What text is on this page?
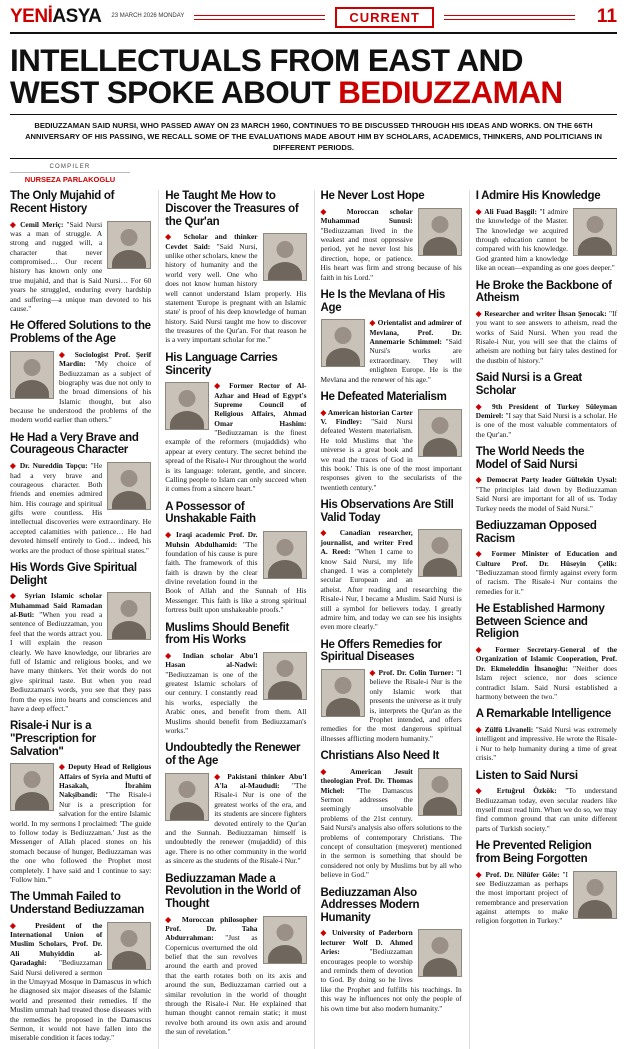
YENİASYA 23 MARCH 2026 MONDAY	CURRENT	11
INTELLECTUALS FROM EAST AND
WEST SPOKE ABOUT BEDIUZZAMAN
BEDIUZZAMAN SAID NURSI, WHO PASSED AWAY ON 23 MARCH 1960, CONTINUES TO BE DISCUSSED THROUGH HIS IDEAS AND WORKS. ON THE 66TH ANNIVERSARY OF HIS PASSING, WE RECALL SOME OF THE EVALUATIONS MADE ABOUT HIM BY SCHOLARS, ACADEMICS, THINKERS, AND POLITICIANS IN DIFFERENT PERIODS.
COMPILER
NURSEZA PARLAKOGLU
The Only Mujahid of Recent History
◆ Cemil Meriç: "Said Nursi was a man of struggle. A strong and rugged will, a character that never compromised… Our recent history has known only one true mujahid, and that is Said Nursi… For 60 years he struggled, enduring every hardship and suffering—a unique man devoted to his cause."
He Offered Solutions to the Problems of the Age
◆ Sociologist Prof. Şerif Mardin: "My choice of Bediuzzaman as a subject of biography was due not only to the broad dimensions of his Islamic thought, but also because he understood the problems of the modern world earlier than others."
He Had a Very Brave and Courageous Character
◆ Dr. Nureddin Topçu: "He had a very brave and courageous character. Both friends and enemies admired him. His courage and spiritual gifts were countless. His intellectual discoveries were extraordinary. He accepted calamities with patience… He had devoted himself entirely to God… indeed, his works are the product of those spiritual states."
His Words Give Spiritual Delight
◆ Syrian Islamic scholar Muhammad Said Ramadan al-Buti: "When you read a sentence of Bediuzzaman, you feel that the words attract you. I will explain the reason clearly. We have knowledge, our libraries are full of Islamic and religious books, and we have many thinkers. Yet their words do not give spiritual taste. But when you read Bediuzzaman's words, you see that they pass from the eyes into hearts and consciences and have a deep effect."
Risale-i Nur is a "Prescription for Salvation"
◆ Deputy Head of Religious Affairs of Syria and Mufti of Hasakah, İbrahim Nakşibandi: "The Risale-i Nur is a prescription for salvation for the entire Islamic world. In my sermons I proclaimed: 'The guide to follow today is Bediuzzaman.' Just as the Messenger of Allah placed stones on his stomach because of hunger, Bediuzzaman was the one who followed the Prophet most completely. I have said and I continue to say: 'Follow him.'"
The Ummah Failed to Understand Bediuzzaman
◆ President of the International Union of Muslim Scholars, Prof. Dr. Ali Muhyiddin al-Qaradaghi: "Bediuzzaman Said Nursi delivered a sermon in the Umayyad Mosque in Damascus in which he diagnosed six major diseases of the Islamic world and presented their remedies. If the Muslim ummah had treated those diseases with the remedies he proposed in the Damascus Sermon, it would not have fallen into the miserable condition it faces today."
He Taught Me How to Discover the Treasures of the Qur'an
◆ Scholar and thinker Cevdet Said: "Said Nursi, unlike other scholars, knew the history of humanity and the world very well. One who does not know human history well cannot understand Islam properly. His statement 'Europe is pregnant with an Islamic state' is proof of his deep knowledge of human history. Said Nursi taught me how to discover the treasures of the Qur'an. For that reason he is a very important scholar for me."
His Language Carries Sincerity
◆ Former Rector of Al-Azhar and Head of Egypt's Supreme Council of Religious Affairs, Ahmad Omar Hashim: "Bediuzzaman is the finest example of the reformers (mujaddids) who appear at every century. The secret behind the spread of the Risale-i Nur throughout the world is its language: tolerant, gentle, and sincere. Calling people to Islam can only succeed when it comes from a sincere heart."
A Possessor of Unshakable Faith
◆ Iraqi academic Prof. Dr. Muhsin Abdulhamid: "The foundation of his cause is pure faith. The framework of this faith is drawn by the clear divine revelation found in the Book of Allah and the Sunnah of His Messenger. This faith is like a strong spiritual fortress built upon unshakeable proofs."
Muslims Should Benefit from His Works
◆ Indian scholar Abu'l Hasan al-Nadwi: "Bediuzzaman is one of the greatest Islamic scholars of our century. I constantly read his works, especially the Arabic ones, and benefit from them. All Muslims should benefit from Bediuzzaman's works."
Undoubtedly the Renewer of the Age
◆ Pakistani thinker Abu'l A'la al-Maududi: "The Risale-i Nur is one of the greatest works of the era, and its students are sincere fighters devoted entirely to the Qur'an and the Sunnah. Bediuzzaman himself is undoubtedly the renewer (mujaddid) of this age. There is no other community in the world as sincere as the students of the Risale-i Nur."
Bediuzzaman Made a Revolution in the World of Thought
◆ Moroccan philosopher Prof. Dr. Taha Abdurrahman: "Just as Copernicus overturned the old belief that the sun revolves around the earth and proved that the earth rotates both on its axis and around the sun, Bediuzzaman carried out a similar revolution in the world of thought through the Risale-i Nur. He explained that human thought cannot remain static; it must revolve both around its own axis and around the sun of revelation."
He Never Lost Hope
◆ Moroccan scholar Muhammad Sunusi: "Bediuzzaman lived in the weakest and most oppressive period, yet he never lost his direction, hope, or patience. His heart was firm and strong because of his faith in his Lord."
He Is the Mevlana of His Age
◆ Orientalist and admirer of Mevlana, Prof. Dr. Annemarie Schimmel: "Said Nursi's works are extraordinary. They will enlighten Europe. He is the Mevlana and the renewer of his age."
He Defeated Materialism
◆ American historian Carter V. Findley: "Said Nursi defeated Western materialism. He told Muslims that 'the universe is a great book and we read the traces of God in this book.' This is one of the most important responses given to the secularists of the twentieth century."
His Observations Are Still Valid Today
◆ Canadian researcher, journalist, and writer Fred A. Reed: "When I came to know Said Nursi, my life changed. I was a completely secular European and an atheist. After reading and researching the Risale-i Nur, I became a Muslim. Said Nursi is still a symbol for believers today. I greatly admire him, and today we can see his insights even more clearly."
He Offers Remedies for Spiritual Diseases
◆ Prof. Dr. Colin Turner: "I believe the Risale-i Nur is the only Islamic work that presents the universe as it truly is, interprets the Qur'an as the Prophet intended, and offers remedies for the most dangerous spiritual illnesses afflicting modern humanity."
Christians Also Need It
◆ American Jesuit theologian Prof. Dr. Thomas Michel: "The Damascus Sermon addresses the seemingly unsolvable problems of the 21st century. Said Nursi's analysis also offers solutions to the problems of contemporary Christians. The concept of consultation (meşveret) mentioned in the sermon is something that should be considered not only by Muslims but by all who believe in God."
Bediuzzaman Also Addresses Modern Humanity
◆ University of Paderborn lecturer Wolf D. Ahmed Aries: "Bediuzzaman encourages people to worship and reminds them of devotion to God. By doing so he lives like the Prophet and fulfills his teachings. In this way he influences not only the people of his own time but also modern humanity."
I Admire His Knowledge
◆ Ali Fuad Başgil: "I admire the knowledge of the Master. The knowledge we acquired through education cannot be compared with his knowledge. God granted him a knowledge like an ocean—expanding as one goes deeper."
He Broke the Backbone of Atheism
◆ Researcher and writer İhsan Şenocak: "If you want to see answers to atheism, read the works of Said Nursi. When you read the Risale-i Nur, you will see that the claims of atheism are nothing but fairy tales destined for the dustbin of history."
Said Nursi is a Great Scholar
◆ 9th President of Turkey Süleyman Demirel: "I say that Said Nursi is a scholar. He is one of the most valuable commentators of the Qur'an."
The World Needs the Model of Said Nursi
◆ Democrat Party leader Gültekin Uysal: "The principles laid down by Bediuzzaman Said Nursi are important for all of us. Today Turkey needs the model of Said Nursi."
Bediuzzaman Opposed Racism
◆ Former Minister of Education and Culture Prof. Dr. Hüseyin Çelik: "Bediuzzaman stood firmly against every form of racism. The Risale-i Nur contains the remedies for it."
He Established Harmony Between Science and Religion
◆ Former Secretary-General of the Organization of Islamic Cooperation, Prof. Dr. Ekmeleddin İhsanoğlu: "Neither does Islam reject science, nor does science contradict Islam. Said Nursi established a harmony between the two."
A Remarkable Intelligence
◆ Zülfü Livaneli: "Said Nursi was extremely intelligent and impressive. He wrote the Risale-i Nur to help humanity during a time of great crisis."
Listen to Said Nursi
◆ Ertuğrul Özkök: "To understand Bediuzzaman today, even secular readers like myself must read him. When we do so, we may find common ground that can unite different parts of Turkish society."
He Prevented Religion from Being Forgotten
◆ Prof. Dr. Nilüfer Göle: "I see Bediuzzaman as perhaps the most important project of remembrance and preservation against attempts to make religion forgotten in Turkey."
